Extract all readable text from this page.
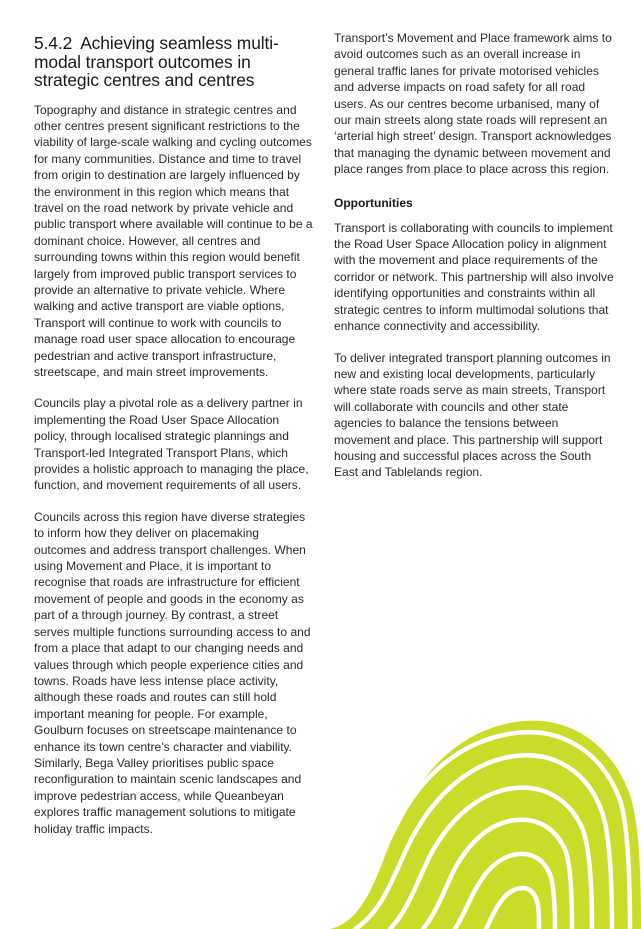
5.4.2 Achieving seamless multi-modal transport outcomes in strategic centres and centres

Topography and distance in strategic centres and other centres present significant restrictions to the viability of large-scale walking and cycling outcomes for many communities. Distance and time to travel from origin to destination are largely influenced by the environment in this region which means that travel on the road network by private vehicle and public transport where available will continue to be a dominant choice. However, all centres and surrounding towns within this region would benefit largely from improved public transport services to provide an alternative to private vehicle. Where walking and active transport are viable options, Transport will continue to work with councils to manage road user space allocation to encourage pedestrian and active transport infrastructure, streetscape, and main street improvements.

Councils play a pivotal role as a delivery partner in implementing the Road User Space Allocation policy, through localised strategic plannings and Transport-led Integrated Transport Plans, which provides a holistic approach to managing the place, function, and movement requirements of all users.

Councils across this region have diverse strategies to inform how they deliver on placemaking outcomes and address transport challenges. When using Movement and Place, it is important to recognise that roads are infrastructure for efficient movement of people and goods in the economy as part of a through journey. By contrast, a street serves multiple functions surrounding access to and from a place that adapt to our changing needs and values through which people experience cities and towns. Roads have less intense place activity, although these roads and routes can still hold important meaning for people. For example, Goulburn focuses on streetscape maintenance to enhance its town centre’s character and viability. Similarly, Bega Valley prioritises public space reconfiguration to maintain scenic landscapes and improve pedestrian access, while Queanbeyan explores traffic management solutions to mitigate holiday traffic impacts.

Transport’s Movement and Place framework aims to avoid outcomes such as an overall increase in general traffic lanes for private motorised vehicles and adverse impacts on road safety for all road users. As our centres become urbanised, many of our main streets along state roads will represent an ‘arterial high street’ design. Transport acknowledges that managing the dynamic between movement and place ranges from place to place across this region.

Opportunities

Transport is collaborating with councils to implement the Road User Space Allocation policy in alignment with the movement and place requirements of the corridor or network. This partnership will also involve identifying opportunities and constraints within all strategic centres to inform multimodal solutions that enhance connectivity and accessibility.

To deliver integrated transport planning outcomes in new and existing local developments, particularly where state roads serve as main streets, Transport will collaborate with councils and other state agencies to balance the tensions between movement and place. This partnership will support housing and successful places across the South East and Tablelands region.
